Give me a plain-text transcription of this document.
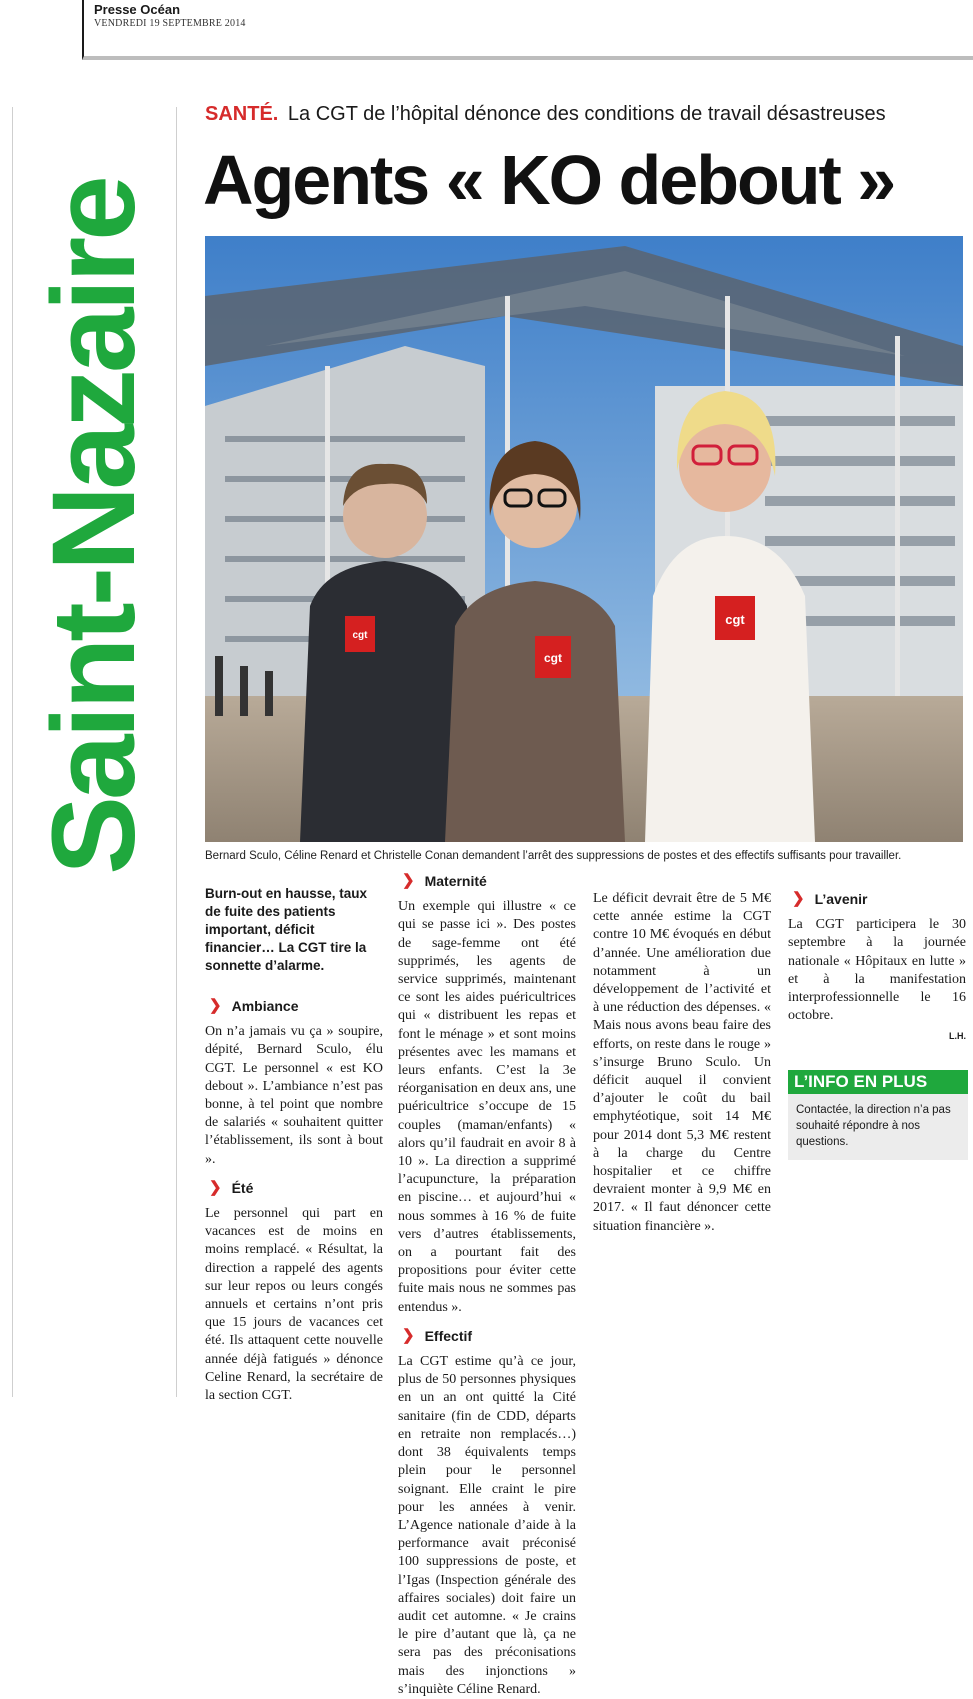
Presse Océan
VENDREDI 19 SEPTEMBRE 2014
Saint-Nazaire
SANTÉ. La CGT de l’hôpital dénonce des conditions de travail désastreuses
Agents « KO debout »
cgt
cgt
cgt
Bernard Sculo, Céline Renard et Christelle Conan demandent l’arrêt des suppressions de postes et des effectifs suffisants pour travailler.
Burn-out en hausse, taux de fuite des patients important, déficit financier… La CGT tire la sonnette d’alarme.
❯ Ambiance

On n’a jamais vu ça » soupire, dépité, Bernard Sculo, élu CGT. Le personnel « est KO debout ». L’ambiance n’est pas bonne, à tel point que nombre de salariés « souhaitent quitter l’établissement, ils sont à bout ».

❯ Été

Le personnel qui part en vacances est de moins en moins remplacé. « Résultat, la direction a rappelé des agents sur leur repos ou leurs congés annuels et certains n’ont pris que 15 jours de vacances cet été. Ils attaquent cette nouvelle année déjà fatigués » dénonce Celine Renard, la secrétaire de la section CGT.

❯ Maternité

Un exemple qui illustre « ce qui se passe ici ». Des postes de sage-femme ont été supprimés, les agents de service supprimés, maintenant ce sont les aides puéricultrices qui « distribuent les repas et font le ménage » et sont moins présentes avec les mamans et leurs enfants. C’est la 3e réorganisation en deux ans, une puéricultrice s’occupe de 15 couples (maman/enfants) « alors qu’il faudrait en avoir 8 à 10 ». La direction a supprimé l’acupuncture, la préparation en piscine… et aujourd’hui « nous sommes à 16 % de fuite vers d’autres établissements, on a pourtant fait des propositions pour éviter cette fuite mais nous ne sommes pas entendus ».

❯ Effectif

La CGT estime qu’à ce jour, plus de 50 personnes physiques en un an ont quitté la Cité sanitaire (fin de CDD, départs en retraite non remplacés…) dont 38 équivalents temps plein pour le personnel soignant. Elle craint le pire pour les années à venir. L’Agence nationale d’aide à la performance avait préconisé 100 suppressions de poste, et l’Igas (Inspection générale des affaires sociales) doit faire un audit cet automne. « Je crains le pire d’autant que là, ça ne sera pas des préconisations mais des injonctions » s’inquiète Céline Renard.

Le déficit devrait être de 5 M€ cette année estime la CGT contre 10 M€ évoqués en début d’année. Une amélioration due notamment à un développement de l’activité et à une réduction des dépenses. « Mais nous avons beau faire des efforts, on reste dans le rouge » s’insurge Bruno Sculo. Un déficit auquel il convient d’ajouter le coût du bail emphytéotique, soit 14 M€ pour 2014 dont 5,3 M€ restent à la charge du Centre hospitalier et ce chiffre devraient monter à 9,9 M€ en 2017. « Il faut dénoncer cette situation financière ».

❯ L’avenir

La CGT participera le 30 septembre à la journée nationale « Hôpitaux en lutte » et à la manifestation interprofessionnelle le 16 octobre.

L.H.
L’INFO EN PLUS
Contactée, la direction n’a pas souhaité répondre à nos questions.
